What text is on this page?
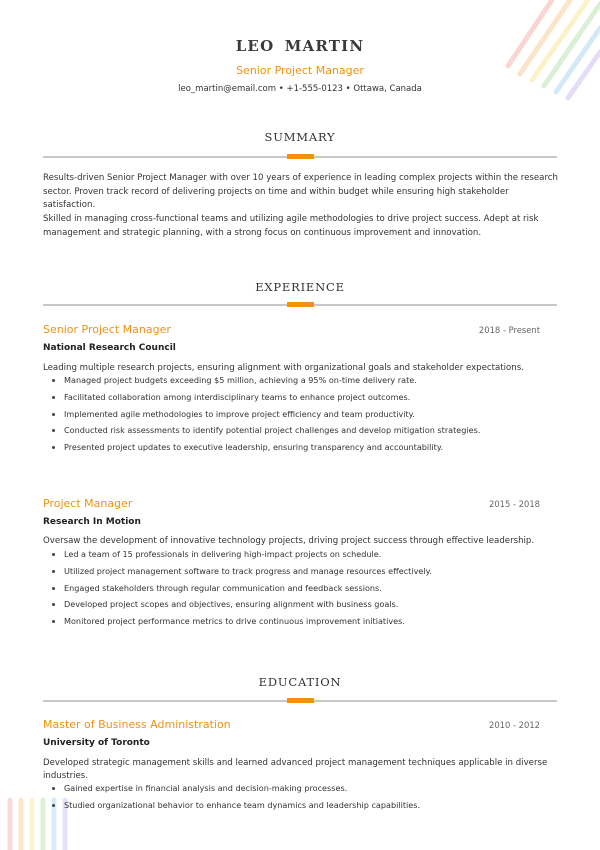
LEO MARTIN
Senior Project Manager
leo_martin@email.com • +1-555-0123 • Ottawa, Canada
SUMMARY
Results-driven Senior Project Manager with over 10 years of experience in leading complex projects within the research sector. Proven track record of delivering projects on time and within budget while ensuring high stakeholder satisfaction.
Skilled in managing cross-functional teams and utilizing agile methodologies to drive project success. Adept at risk management and strategic planning, with a strong focus on continuous improvement and innovation.
EXPERIENCE
Senior Project Manager	2018 - Present
National Research Council
Leading multiple research projects, ensuring alignment with organizational goals and stakeholder expectations.
Managed project budgets exceeding $5 million, achieving a 95% on-time delivery rate.
Facilitated collaboration among interdisciplinary teams to enhance project outcomes.
Implemented agile methodologies to improve project efficiency and team productivity.
Conducted risk assessments to identify potential project challenges and develop mitigation strategies.
Presented project updates to executive leadership, ensuring transparency and accountability.
Project Manager	2015 - 2018
Research In Motion
Oversaw the development of innovative technology projects, driving project success through effective leadership.
Led a team of 15 professionals in delivering high-impact projects on schedule.
Utilized project management software to track progress and manage resources effectively.
Engaged stakeholders through regular communication and feedback sessions.
Developed project scopes and objectives, ensuring alignment with business goals.
Monitored project performance metrics to drive continuous improvement initiatives.
EDUCATION
Master of Business Administration	2010 - 2012
University of Toronto
Developed strategic management skills and learned advanced project management techniques applicable in diverse industries.
Gained expertise in financial analysis and decision-making processes.
Studied organizational behavior to enhance team dynamics and leadership capabilities.
